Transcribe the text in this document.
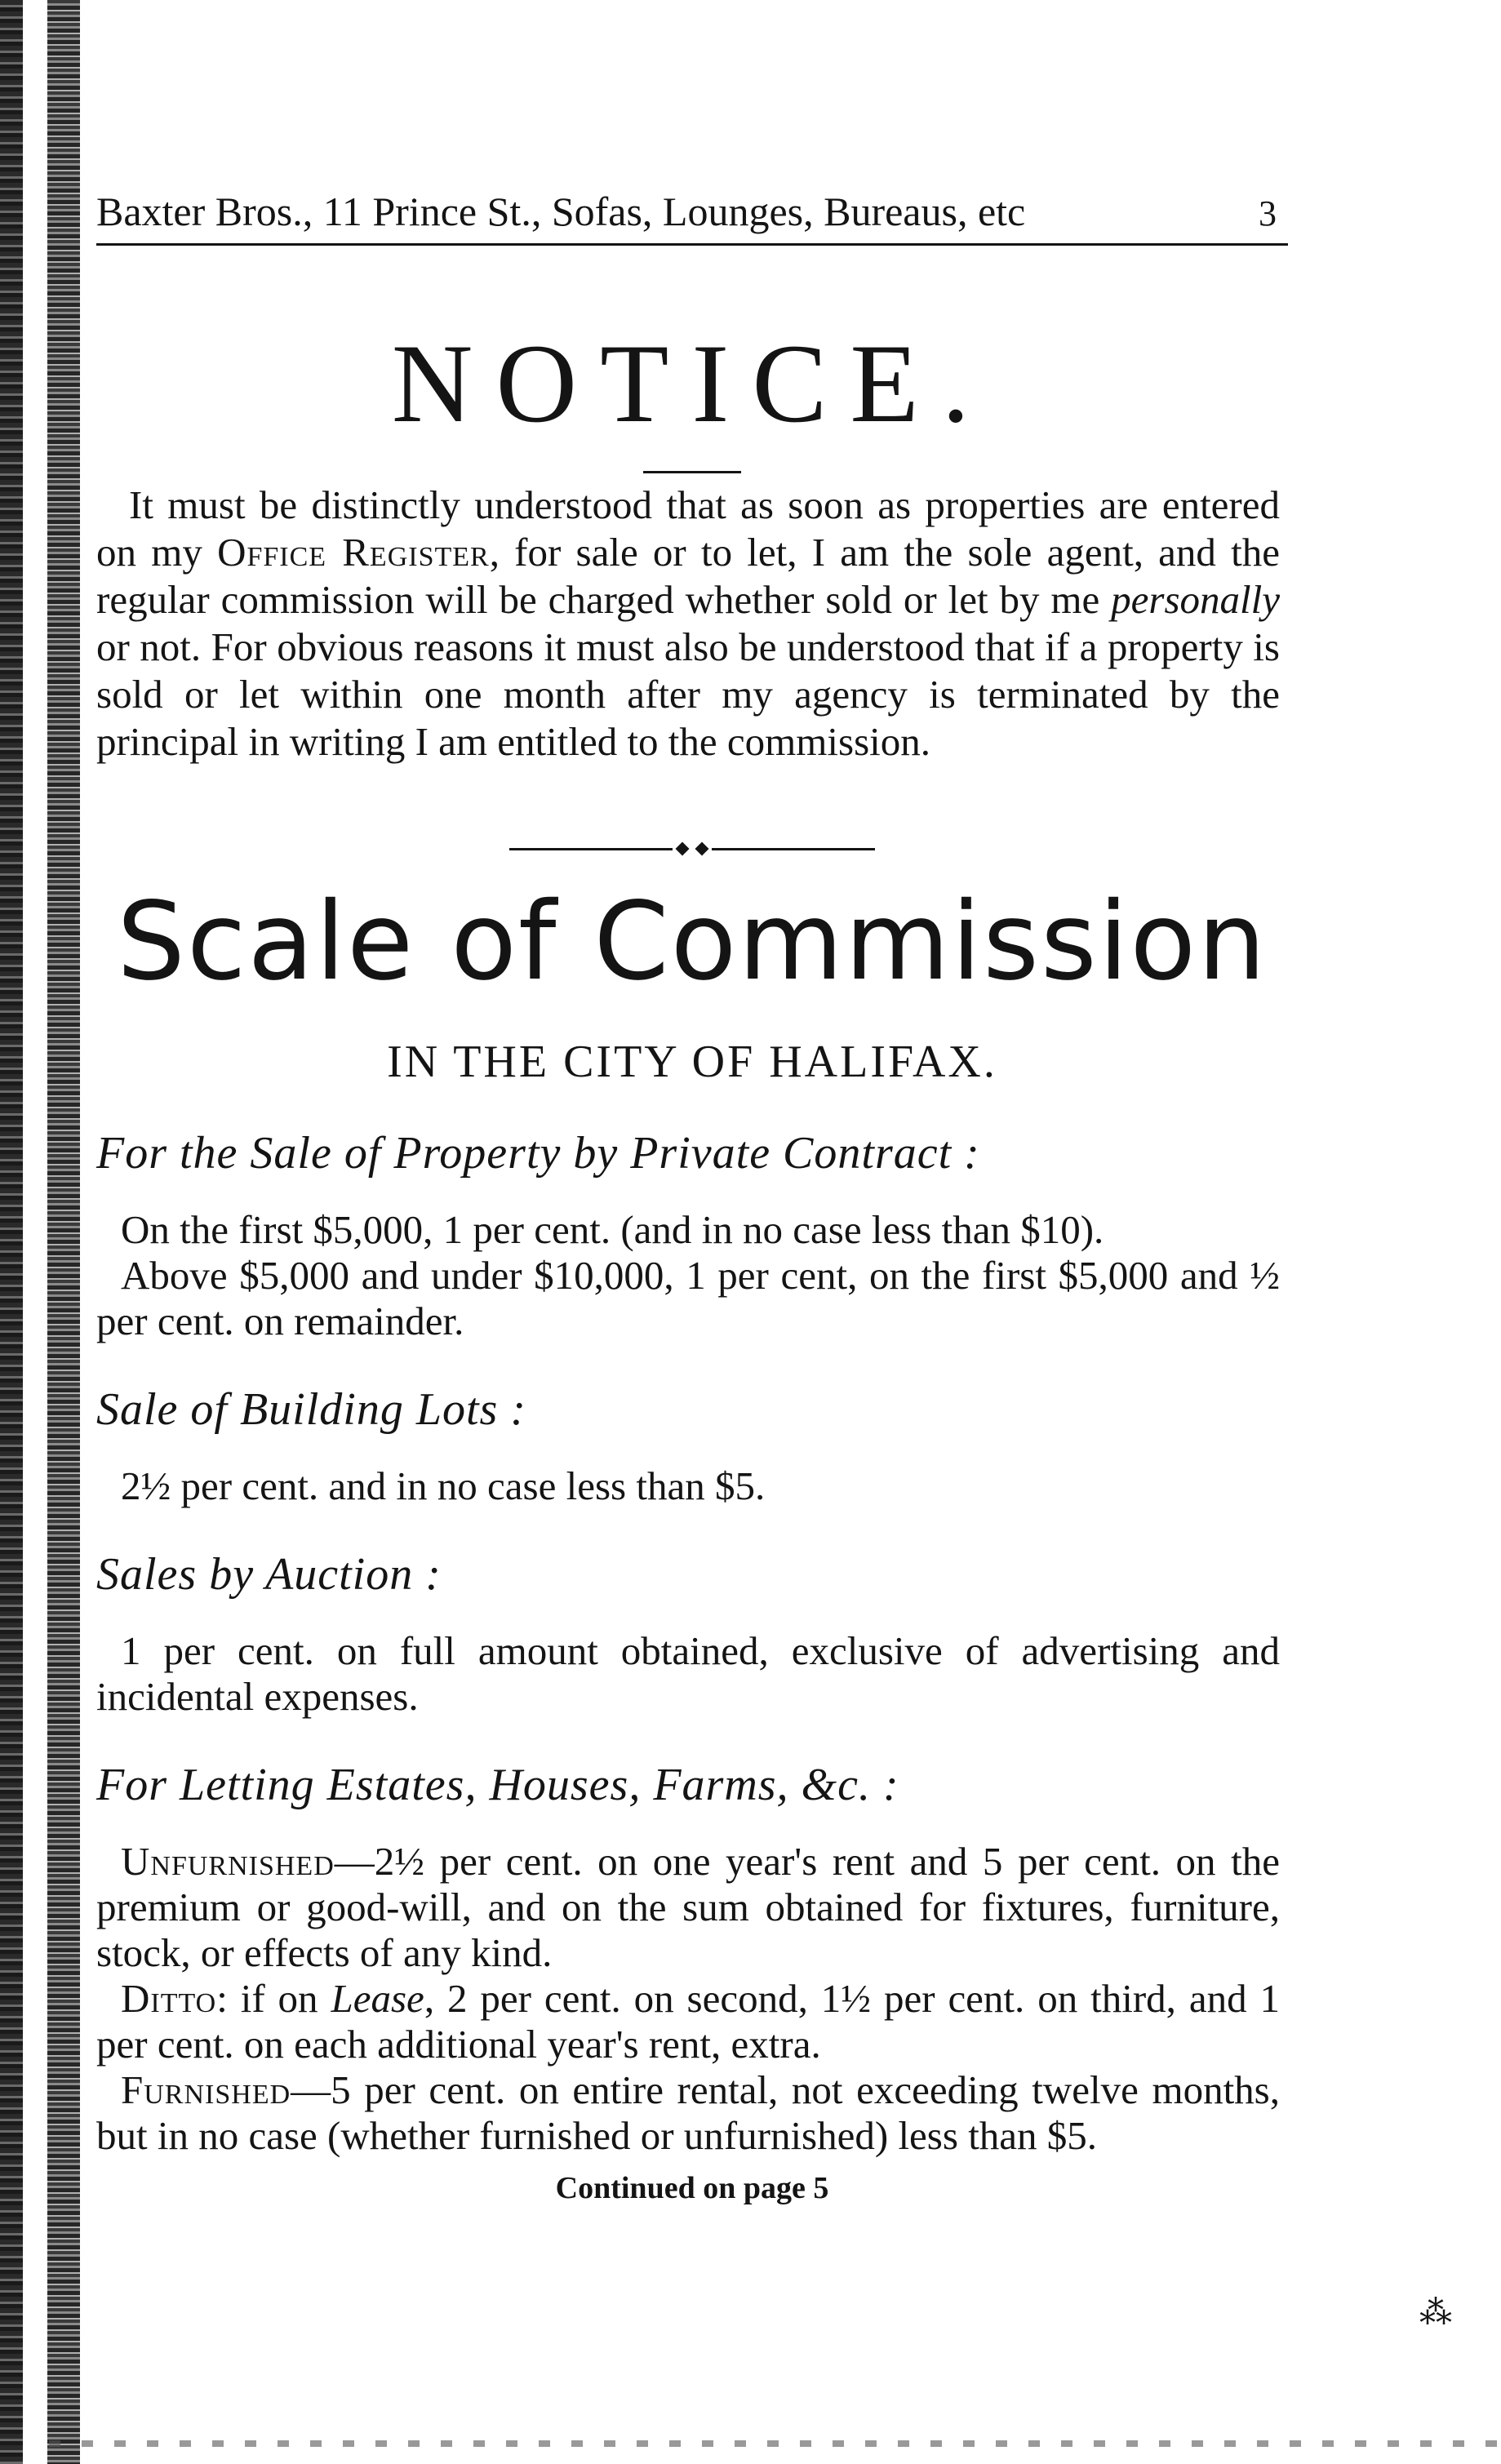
Baxter Bros., 11 Prince St., Sofas, Lounges, Bureaus, etc	3
NOTICE.

It must be distinctly understood that as soon as properties are entered on my Office Register, for sale or to let, I am the sole agent, and the regular commission will be charged whether sold or let by me personally or not. For obvious reasons it must also be understood that if a property is sold or let within one month after my agency is terminated by the principal in writing I am entitled to the commission.

Scale of Commission
IN THE CITY OF HALIFAX.
For the Sale of Property by Private Contract :

On the first $5,000, 1 per cent. (and in no case less than $10).

Above $5,000 and under $10,000, 1 per cent, on the first $5,000 and ½ per cent. on remainder.

Sale of Building Lots :

2½ per cent. and in no case less than $5.

Sales by Auction :

1 per cent. on full amount obtained, exclusive of advertising and incidental expenses.

For Letting Estates, Houses, Farms, &c. :

Unfurnished—2½ per cent. on one year's rent and 5 per cent. on the premium or good-will, and on the sum obtained for fixtures, furniture, stock, or effects of any kind.

Ditto: if on Lease, 2 per cent. on second, 1½ per cent. on third, and 1 per cent. on each additional year's rent, extra.

Furnished—5 per cent. on entire rental, not exceeding twelve months, but in no case (whether furnished or unfurnished) less than $5.

Continued on page 5
⁂
